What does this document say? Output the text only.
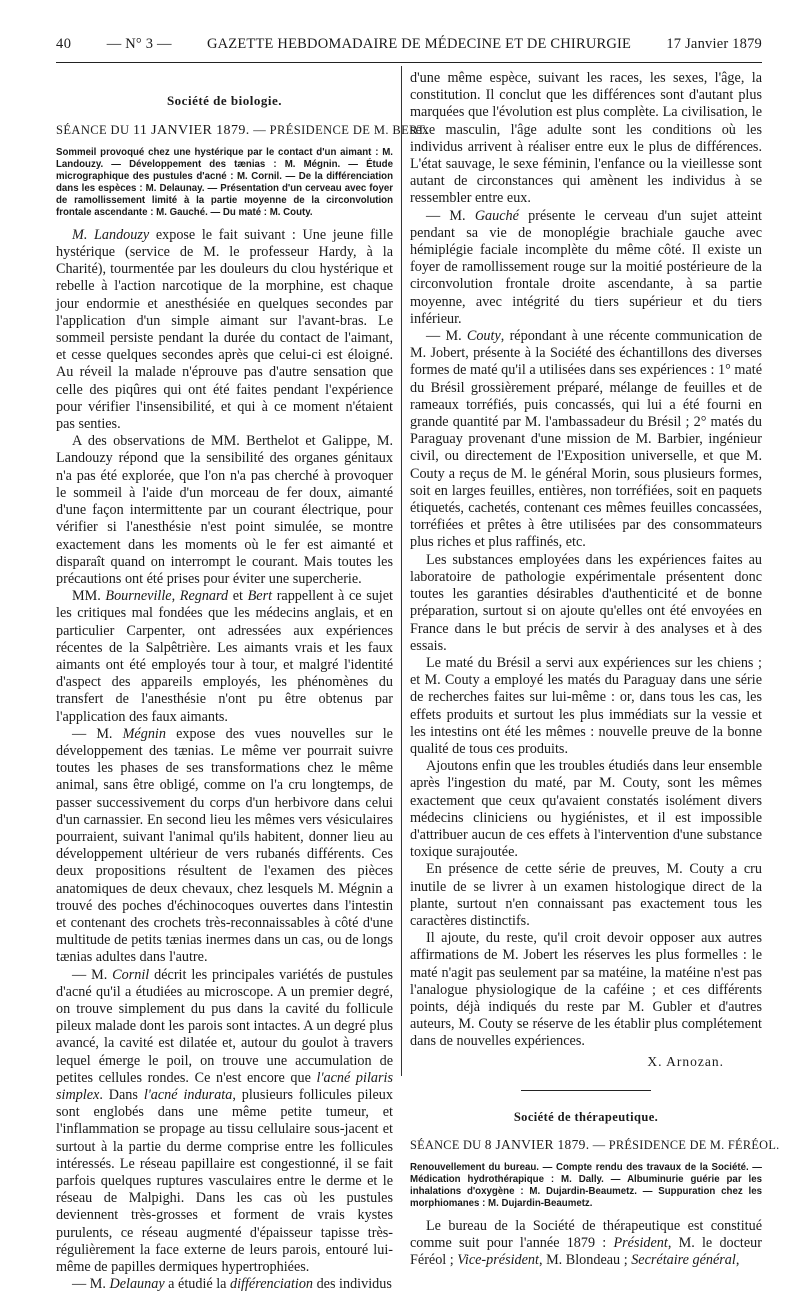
40 — N° 3 — GAZETTE HEBDOMADAIRE DE MÉDECINE ET DE CHIRURGIE 17 Janvier 1879
Société de biologie.
SÉANCE DU 11 JANVIER 1879. — PRÉSIDENCE DE M. BERT.
Sommeil provoqué chez une hystérique par le contact d'un aimant : M. Landouzy. — Développement des tænias : M. Mégnin. — Étude micrographique des pustules d'acné : M. Cornil. — De la différenciation dans les espèces : M. Delaunay. — Présentation d'un cerveau avec foyer de ramollissement limité à la partie moyenne de la circonvolution frontale ascendante : M. Gauché. — Du maté : M. Couty.

M. Landouzy expose le fait suivant : Une jeune fille hystérique (service de M. le professeur Hardy, à la Charité), tourmentée par les douleurs du clou hystérique et rebelle à l'action narcotique de la morphine, est chaque jour endormie et anesthésiée en quelques secondes par l'application d'un simple aimant sur l'avant-bras. Le sommeil persiste pendant la durée du contact de l'aimant, et cesse quelques secondes après que celui-ci est éloigné. Au réveil la malade n'éprouve pas d'autre sensation que celle des piqûres qui ont été faites pendant l'expérience pour vérifier l'insensibilité, et qui à ce moment n'étaient pas senties.

A des observations de MM. Berthelot et Galippe, M. Landouzy répond que la sensibilité des organes génitaux n'a pas été explorée, que l'on n'a pas cherché à provoquer le sommeil à l'aide d'un morceau de fer doux, aimanté d'une façon intermittente par un courant électrique, pour vérifier si l'anesthésie n'est point simulée, se montre exactement dans les moments où le fer est aimanté et disparaît quand on interrompt le courant. Mais toutes les précautions ont été prises pour éviter une supercherie.

MM. Bourneville, Regnard et Bert rappellent à ce sujet les critiques mal fondées que les médecins anglais, et en particulier Carpenter, ont adressées aux expériences récentes de la Salpêtrière. Les aimants vrais et les faux aimants ont été employés tour à tour, et malgré l'identité d'aspect des appareils employés, les phénomènes du transfert de l'anesthésie n'ont pu être obtenus par l'application des faux aimants.

— M. Mégnin expose des vues nouvelles sur le développement des tænias. Le même ver pourrait suivre toutes les phases de ses transformations chez le même animal, sans être obligé, comme on l'a cru longtemps, de passer successivement du corps d'un herbivore dans celui d'un carnassier. En second lieu les mêmes vers vésiculaires pourraient, suivant l'animal qu'ils habitent, donner lieu au développement ultérieur de vers rubanés différents. Ces deux propositions résultent de l'examen des pièces anatomiques de deux chevaux, chez lesquels M. Mégnin a trouvé des poches d'échinocoques ouvertes dans l'intestin et contenant des crochets très-reconnaissables à côté d'une multitude de petits tænias inermes dans un cas, ou de longs tænias adultes dans l'autre.

— M. Cornil décrit les principales variétés de pustules d'acné qu'il a étudiées au microscope. A un premier degré, on trouve simplement du pus dans la cavité du follicule pileux malade dont les parois sont intactes. A un degré plus avancé, la cavité est dilatée et, autour du goulot à travers lequel émerge le poil, on trouve une accumulation de petites cellules rondes. Ce n'est encore que l'acné pilaris simplex. Dans l'acné indurata, plusieurs follicules pileux sont englobés dans une même petite tumeur, et l'inflammation se propage au tissu cellulaire sous-jacent et surtout à la partie du derme comprise entre les follicules intéressés. Le réseau papillaire est congestionné, il se fait parfois quelques ruptures vasculaires entre le derme et le réseau de Malpighi. Dans les cas où les pustules deviennent très-grosses et forment de vrais kystes purulents, ce réseau augmenté d'épaisseur tapisse très-régulièrement la face externe de leurs parois, entouré lui-même de papilles dermiques hypertrophiées.

— M. Delaunay a étudié la différenciation des individus

d'une même espèce, suivant les races, les sexes, l'âge, la constitution. Il conclut que les différences sont d'autant plus marquées que l'évolution est plus complète. La civilisation, le sexe masculin, l'âge adulte sont les conditions où les individus arrivent à réaliser entre eux le plus de différences. L'état sauvage, le sexe féminin, l'enfance ou la vieillesse sont autant de circonstances qui amènent les individus à se ressembler entre eux.

— M. Gauché présente le cerveau d'un sujet atteint pendant sa vie de monoplégie brachiale gauche avec hémiplégie faciale incomplète du même côté. Il existe un foyer de ramollissement rouge sur la moitié postérieure de la circonvolution frontale droite ascendante, à sa partie moyenne, avec intégrité du tiers supérieur et du tiers inférieur.

— M. Couty, répondant à une récente communication de M. Jobert, présente à la Société des échantillons des diverses formes de maté qu'il a utilisées dans ses expériences : 1° maté du Brésil grossièrement préparé, mélange de feuilles et de rameaux torréfiés, puis concassés, qui lui a été fourni en grande quantité par M. l'ambassadeur du Brésil ; 2° matés du Paraguay provenant d'une mission de M. Barbier, ingénieur civil, ou directement de l'Exposition universelle, et que M. Couty a reçus de M. le général Morin, sous plusieurs formes, soit en larges feuilles, entières, non torréfiées, soit en paquets étiquetés, cachetés, contenant ces mêmes feuilles concassées, torréfiées et prêtes à être utilisées par des consommateurs plus riches et plus raffinés, etc.

Les substances employées dans les expériences faites au laboratoire de pathologie expérimentale présentent donc toutes les garanties désirables d'authenticité et de bonne préparation, surtout si on ajoute qu'elles ont été envoyées en France dans le but précis de servir à des analyses et à des essais.

Le maté du Brésil a servi aux expériences sur les chiens ; et M. Couty a employé les matés du Paraguay dans une série de recherches faites sur lui-même : or, dans tous les cas, les effets produits et surtout les plus immédiats sur la vessie et les intestins ont été les mêmes : nouvelle preuve de la bonne qualité de tous ces produits.

Ajoutons enfin que les troubles étudiés dans leur ensemble après l'ingestion du maté, par M. Couty, sont les mêmes exactement que ceux qu'avaient constatés isolément divers médecins cliniciens ou hygiénistes, et il est impossible d'attribuer aucun de ces effets à l'intervention d'une substance toxique surajoutée.

En présence de cette série de preuves, M. Couty a cru inutile de se livrer à un examen histologique direct de la plante, surtout n'en connaissant pas exactement tous les caractères distinctifs.

Il ajoute, du reste, qu'il croit devoir opposer aux autres affirmations de M. Jobert les réserves les plus formelles : le maté n'agit pas seulement par sa matéine, la matéine n'est pas l'analogue physiologique de la caféine ; et ces différents points, déjà indiqués du reste par M. Gubler et d'autres auteurs, M. Couty se réserve de les établir plus complétement dans de nouvelles expériences.

X. Arnozan.
Société de thérapeutique.
SÉANCE DU 8 JANVIER 1879. — PRÉSIDENCE DE M. FÉRÉOL.
Renouvellement du bureau. — Compte rendu des travaux de la Société. — Médication hydrothérapique : M. Dally. — Albuminurie guérie par les inhalations d'oxygène : M. Dujardin-Beaumetz. — Suppuration chez les morphiomanes : M. Dujardin-Beaumetz.

Le bureau de la Société de thérapeutique est constitué comme suit pour l'année 1879 : Président, M. le docteur Féréol ; Vice-président, M. Blondeau ; Secrétaire général,
